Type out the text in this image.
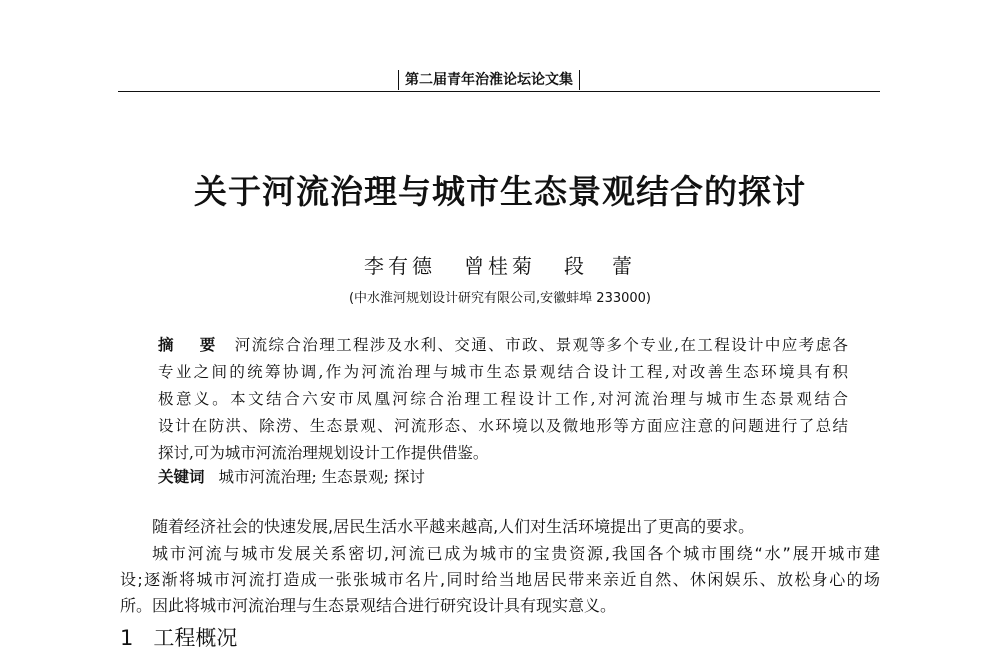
第二届青年治淮论坛论文集
关于河流治理与城市生态景观结合的探讨
李有德 曾桂菊 段　蕾
(中水淮河规划设计研究有限公司,安徽蚌埠 233000)
摘　要 河流综合治理工程涉及水利、交通、市政、景观等多个专业,在工程设计中应考虑各
专业之间的统筹协调,作为河流治理与城市生态景观结合设计工程,对改善生态环境具有积
极意义。本文结合六安市凤凰河综合治理工程设计工作,对河流治理与城市生态景观结合
设计在防洪、除涝、生态景观、河流形态、水环境以及微地形等方面应注意的问题进行了总结
探讨,可为城市河流治理规划设计工作提供借鉴。
关键词 城市河流治理; 生态景观; 探讨
随着经济社会的快速发展,居民生活水平越来越高,人们对生活环境提出了更高的要求。
城市河流与城市发展关系密切,河流已成为城市的宝贵资源,我国各个城市围绕“水”展开城市建
设;逐渐将城市河流打造成一张张城市名片,同时给当地居民带来亲近自然、休闲娱乐、放松身心的场
所。因此将城市河流治理与生态景观结合进行研究设计具有现实意义。
1 工程概况
